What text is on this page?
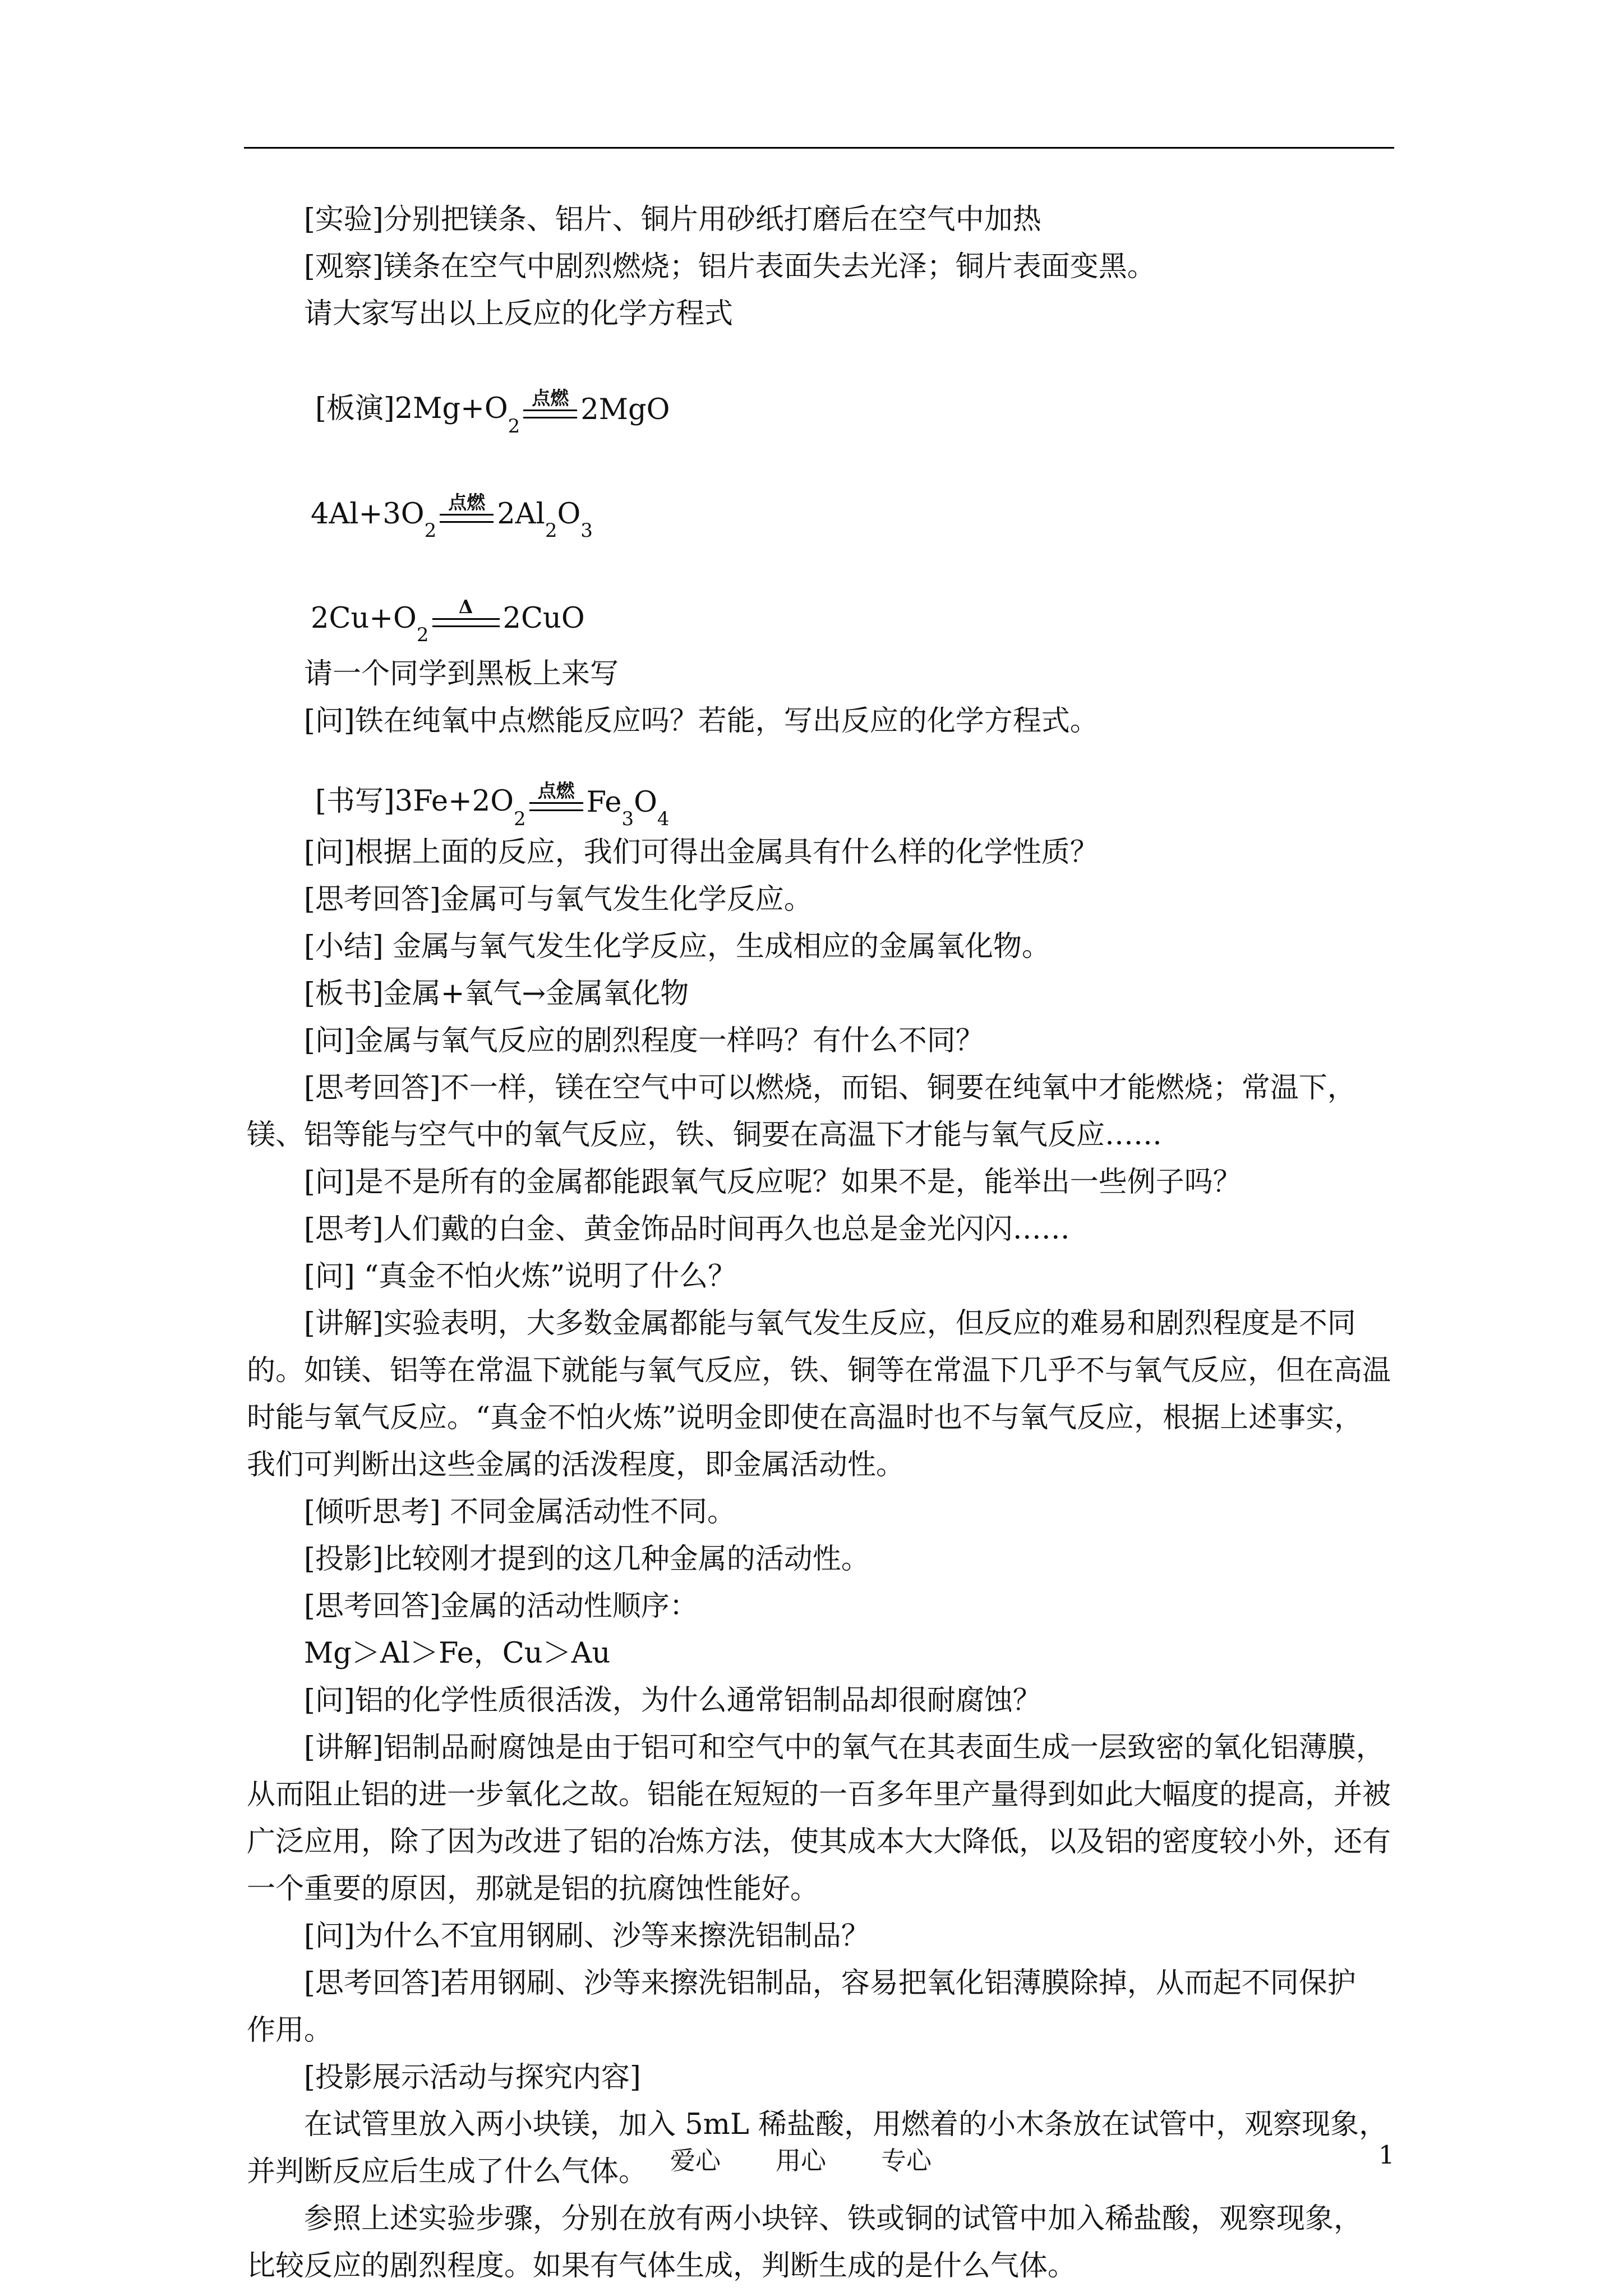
[实验]分别把镁条、铝片、铜片用砂纸打磨后在空气中加热
[观察]镁条在空气中剧烈燃烧；铝片表面失去光泽；铜片表面变黑。
请大家写出以上反应的化学方程式
[板演]2Mg+O
2
点燃 2MgO
4Al+3O 2
点燃 2Al 2 O 3
2Cu+O 2
Δ 2CuO
请一个同学到黑板上来写
[问]铁在纯氧中点燃能反应吗？若能，写出反应的化学方程式。
[书写]3Fe+2O
2
点燃 Fe 3 O 4
[问]根据上面的反应，我们可得出金属具有什么样的化学性质？
[思考回答]金属可与氧气发生化学反应。
[小结] 金属与氧气发生化学反应，生成相应的金属氧化物。
[板书]金属+氧气→金属氧化物
[问]金属与氧气反应的剧烈程度一样吗？有什么不同？
[思考回答]不一样，镁在空气中可以燃烧，而铝、铜要在纯氧中才能燃烧；常温下，
镁、铝等能与空气中的氧气反应，铁、铜要在高温下才能与氧气反应……
[问]是不是所有的金属都能跟氧气反应呢？如果不是，能举出一些例子吗？
[思考]人们戴的白金、黄金饰品时间再久也总是金光闪闪……
[问] “真金不怕火炼”说明了什么？
[讲解]实验表明，大多数金属都能与氧气发生反应，但反应的难易和剧烈程度是不同
的。如镁、铝等在常温下就能与氧气反应，铁、铜等在常温下几乎不与氧气反应，但在高温
时能与氧气反应。“真金不怕火炼”说明金即使在高温时也不与氧气反应，根据上述事实，
我们可判断出这些金属的活泼程度，即金属活动性。
[倾听思考] 不同金属活动性不同。
[投影]比较刚才提到的这几种金属的活动性。
[思考回答]金属的活动性顺序：
Mg＞Al＞Fe，Cu＞Au
[问]铝的化学性质很活泼，为什么通常铝制品却很耐腐蚀？
[讲解]铝制品耐腐蚀是由于铝可和空气中的氧气在其表面生成一层致密的氧化铝薄膜，
从而阻止铝的进一步氧化之故。铝能在短短的一百多年里产量得到如此大幅度的提高，并被
广泛应用，除了因为改进了铝的冶炼方法，使其成本大大降低，以及铝的密度较小外，还有
一个重要的原因，那就是铝的抗腐蚀性能好。
[问]为什么不宜用钢刷、沙等来擦洗铝制品？
[思考回答]若用钢刷、沙等来擦洗铝制品，容易把氧化铝薄膜除掉，从而起不同保护
作用。
[投影展示活动与探究内容]
在试管里放入两小块镁，加入 5mL 稀盐酸，用燃着的小木条放在试管中，观察现象，
并判断反应后生成了什么气体。
参照上述实验步骤，分别在放有两小块锌、铁或铜的试管中加入稀盐酸，观察现象，
比较反应的剧烈程度。如果有气体生成，判断生成的是什么气体。
爱心 用心 专心	1
